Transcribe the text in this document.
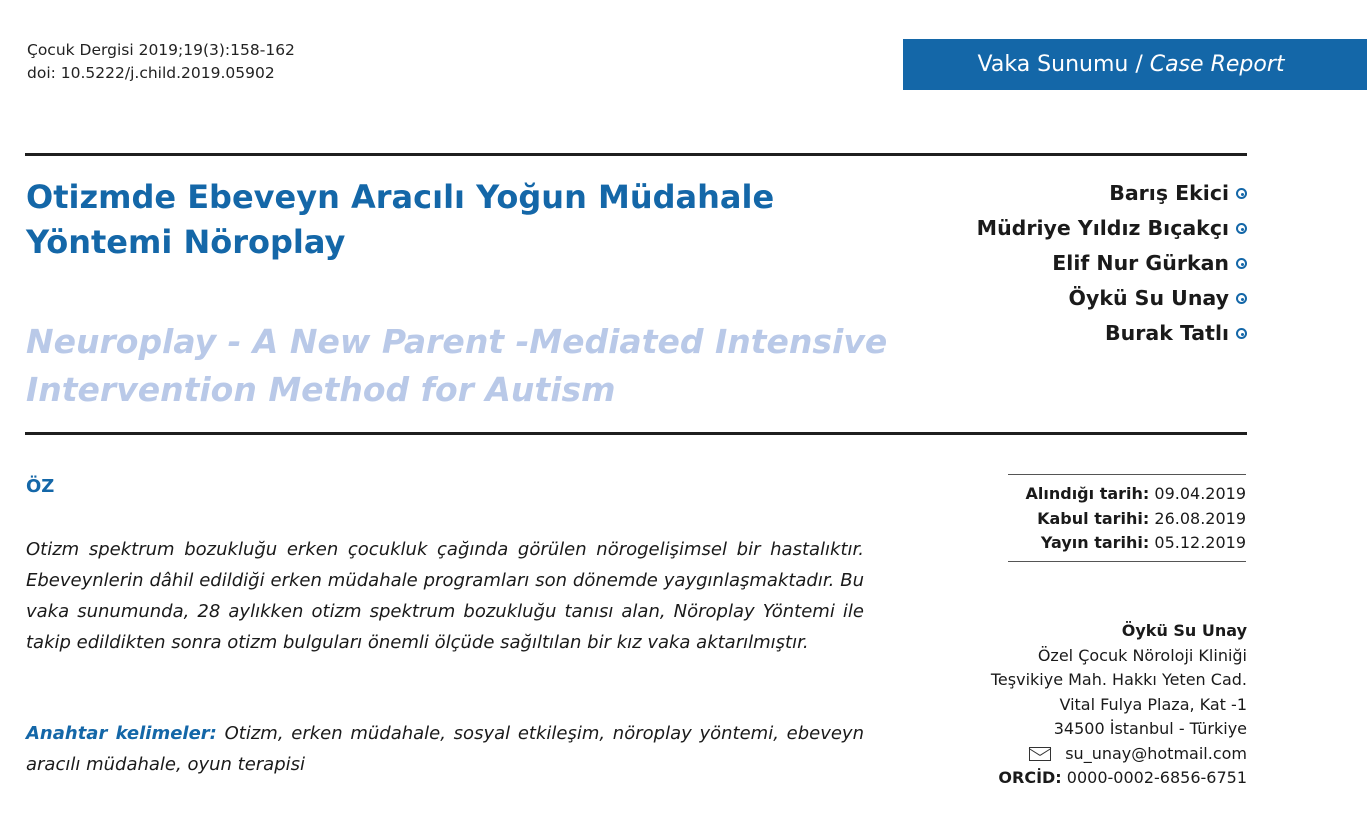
Çocuk Dergisi 2019;19(3):158-162
doi: 10.5222/j.child.2019.05902	Vaka Sunumu / Case Report
Otizmde Ebeveyn Aracılı Yoğun Müdahale
Yöntemi Nöroplay
Neuroplay - A New Parent -Mediated Intensive
Intervention Method for Autism
Barış Ekici
Müdriye Yıldız Bıçakçı
Elif Nur Gürkan
Öykü Su Unay
Burak Tatlı
ÖZ
Otizm spektrum bozukluğu erken çocukluk çağında görülen nörogelişimsel bir hastalıktır. Ebeveynlerin dâhil edildiği erken müdahale programları son dönemde yaygınlaşmaktadır. Bu vaka sunumunda, 28 aylıkken otizm spektrum bozukluğu tanısı alan, Nöroplay Yöntemi ile takip edildikten sonra otizm bulguları önemli ölçüde sağıltılan bir kız vaka aktarılmıştır.
Anahtar kelimeler: Otizm, erken müdahale, sosyal etkileşim, nöroplay yöntemi, ebeveyn aracılı müdahale, oyun terapisi
Alındığı tarih: 09.04.2019
Kabul tarihi: 26.08.2019
Yayın tarihi: 05.12.2019
Öykü Su Unay
Özel Çocuk Nöroloji Kliniği
Teşvikiye Mah. Hakkı Yeten Cad.
Vital Fulya Plaza, Kat -1
34500 İstanbul - Türkiye
su_unay@hotmail.com
ORCİD: 0000-0002-6856-6751
